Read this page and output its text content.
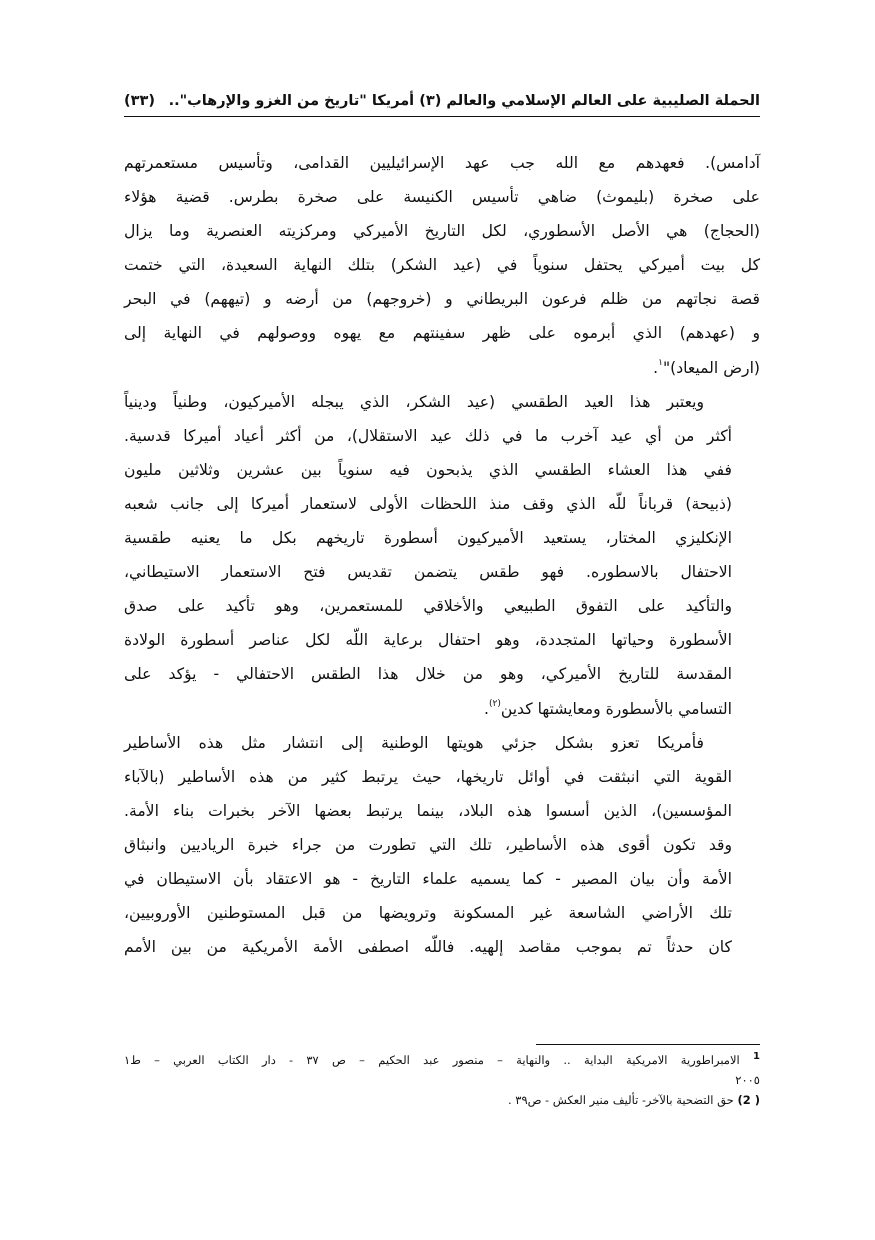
الحملة الصليبية على العالم الإسلامي والعالم (٣) أمريكا "تاريخ من الغزو والإرهاب"..
(٣٣)

آدامس). فعهدهم مع الله جب عهد الإسرائيليين القدامى، وتأسيس مستعمرتهم
على صخرة (بليموث) ضاهي تأسيس الكنيسة على صخرة بطرس. قضية هؤلاء
(الحجاج) هي الأصل الأسطوري، لكل التاريخ الأميركي ومركزيته العنصرية وما يزال
كل بيت أميركي يحتفل سنوياً في (عيد الشكر) بتلك النهاية السعيدة، التي ختمت
قصة نجاتهم من ظلم فرعون البريطاني و (خروجهم) من أرضه و (تيههم) في البحر
و (عهدهم) الذي أبرموه على ظهر سفينتهم مع يهوه ووصولهم في النهاية إلى
(ارض الميعاد)"$^١$.

ويعتبر هذا العيد الطقسي (عيد الشكر، الذي يبجله الأميركيون، وطنياً ودينياً
أكثر من أي عيد آخرب ما في ذلك عيد الاستقلال)، من أكثر أعياد أميركا قدسية.
ففي هذا العشاء الطقسي الذي يذبحون فيه سنوياً بين عشرين وثلاثين مليون
(ذبيحة) قرباناً للّه الذي وقف منذ اللحظات الأولى لاستعمار أميركا إلى جانب شعبه
الإنكليزي المختار، يستعيد الأميركيون أسطورة تاريخهم بكل ما يعنيه طقسية
الاحتفال بالاسطوره. فهو طقس يتضمن تقديس فتح الاستعمار الاستيطاني،
والتأكيد على التفوق الطبيعي والأخلاقي للمستعمرين، وهو تأكيد على صدق
الأسطورة وحياتها المتجددة، وهو احتفال برعاية اللّه لكل عناصر أسطورة الولادة
المقدسة للتاريخ الأميركي، وهو من خلال هذا الطقس الاحتفالي - يؤكد على
التسامي بالأسطورة ومعايشتها كدين$^{(٢)}$.

فأمريكا تعزو بشكل جزئي هويتها الوطنية إلى انتشار مثل هذه الأساطير
القوية التي انبثقت في أوائل تاريخها، حيث يرتبط كثير من هذه الأساطير (بالآباء
المؤسسين)، الذين أسسوا هذه البلاد، بينما يرتبط بعضها الآخر بخبرات بناء الأمة.
وقد تكون أقوى هذه الأساطير، تلك التي تطورت من جراء خبرة الرياديين وانبثاق
الأمة وأن بيان المصير - كما يسميه علماء التاريخ - هو الاعتقاد بأن الاستيطان في
تلك الأراضي الشاسعة غير المسكونة وترويضها من قبل المستوطنين الأوروبيين،
كان حدثاً تم بموجب مقاصد إلهيه. فاللّه اصطفى الأمة الأمريكية من بين الأمم

1 الامبراطورية الامريكية البداية .. والنهاية – منصور عبد الحكيم – ص ٣٧ - دار الكتاب العربي – ط١
٢٠٠٥
( 2) حق التضحية بالآخر- تأليف منير العكش - ص٣٩ .
